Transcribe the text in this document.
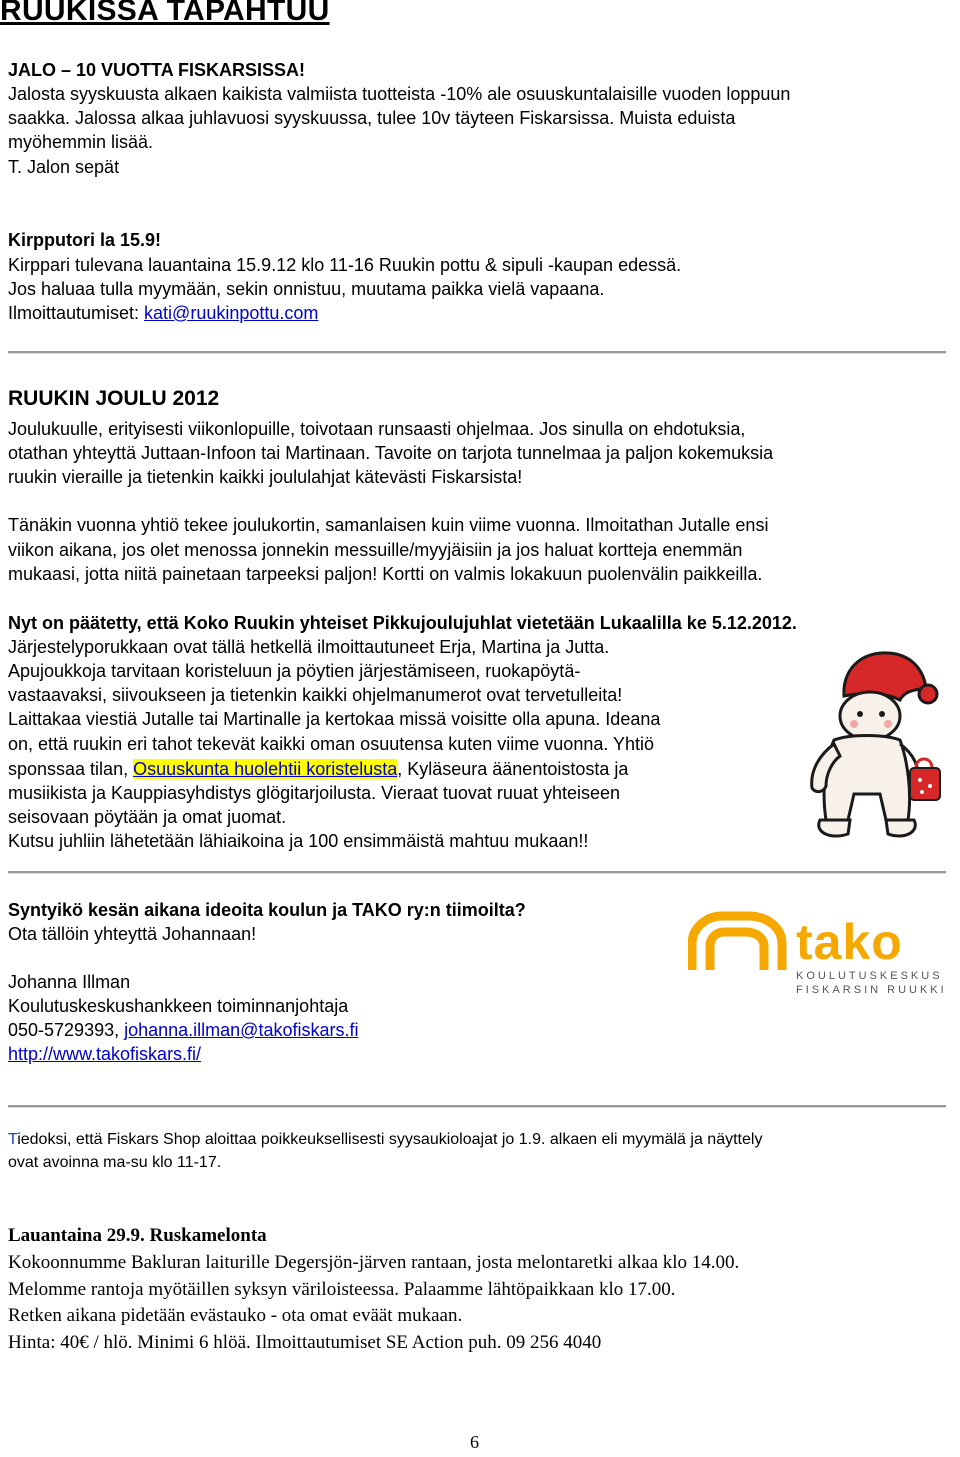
RUUKISSA TAPAHTUU
JALO – 10 VUOTTA FISKARSISSA!
Jalosta syyskuusta alkaen kaikista valmiista tuotteista -10% ale osuuskuntalaisille vuoden loppuun
saakka. Jalossa alkaa juhlavuosi syyskuussa, tulee 10v täyteen Fiskarsissa. Muista eduista
myöhemmin lisää.
T. Jalon sepät
Kirpputori la 15.9!
Kirppari tulevana lauantaina 15.9.12 klo 11-16 Ruukin pottu & sipuli -kaupan edessä.
Jos haluaa tulla myymään, sekin onnistuu, muutama paikka vielä vapaana.
Ilmoittautumiset: kati@ruukinpottu.com
RUUKIN JOULU 2012
Joulukuulle, erityisesti viikonlopuille, toivotaan runsaasti ohjelmaa. Jos sinulla on ehdotuksia,
otathan yhteyttä Juttaan-Infoon tai Martinaan. Tavoite on tarjota tunnelmaa ja paljon kokemuksia
ruukin vieraille ja tietenkin kaikki joululahjat kätevästi Fiskarsista!
Tänäkin vuonna yhtiö tekee joulukortin, samanlaisen kuin viime vuonna. Ilmoitathan Jutalle ensi
viikon aikana, jos olet menossa jonnekin messuille/myyjäisiin ja jos haluat kortteja enemmän
mukaasi, jotta niitä painetaan tarpeeksi paljon! Kortti on valmis lokakuun puolenvälin paikkeilla.
Nyt on päätetty, että Koko Ruukin yhteiset Pikkujoulujuhlat vietetään Lukaalilla ke 5.12.2012.
Järjestelyporukkaan ovat tällä hetkellä ilmoittautuneet Erja, Martina ja Jutta.
Apujoukkoja tarvitaan koristeluun ja pöytien järjestämiseen, ruokapöytä-
vastaavaksi, siivoukseen ja tietenkin kaikki ohjelmanumerot ovat tervetulleita!
Laittakaa viestiä Jutalle tai Martinalle ja kertokaa missä voisitte olla apuna. Ideana
on, että ruukin eri tahot tekevät kaikki oman osuutensa kuten viime vuonna. Yhtiö
sponssaa tilan, Osuuskunta huolehtii koristelusta, Kyläseura äänentoistosta ja
musiikista ja Kauppiasyhdistys glögitarjoilusta. Vieraat tuovat ruuat yhteiseen
seisovaan pöytään ja omat juomat.
Kutsu juhliin lähetetään lähiaikoina ja 100 ensimmäistä mahtuu mukaan!!
Syntyikö kesän aikana ideoita koulun ja TAKO ry:n tiimoilta?
Ota tällöin yhteyttä Johannaan!
Johanna Illman
Koulutuskeskushankkeen toiminnanjohtaja
050-5729393, johanna.illman@takofiskars.fi
http://www.takofiskars.fi/
tako
KOULUTUSKESKUS
FISKARSIN RUUKKI
Tiedoksi, että Fiskars Shop aloittaa poikkeuksellisesti syysaukioloajat jo 1.9. alkaen eli myymälä ja näyttely
ovat avoinna ma-su klo 11-17.
Lauantaina 29.9. Ruskamelonta
Kokoonnumme Bakluran laiturille Degersjön-järven rantaan, josta melontaretki alkaa klo 14.00.
Melomme rantoja myötäillen syksyn väriloisteessa. Palaamme lähtöpaikkaan klo 17.00.
Retken aikana pidetään evästauko - ota omat eväät mukaan.
Hinta: 40€ / hlö. Minimi 6 hlöä. Ilmoittautumiset SE Action puh. 09 256 4040
6
